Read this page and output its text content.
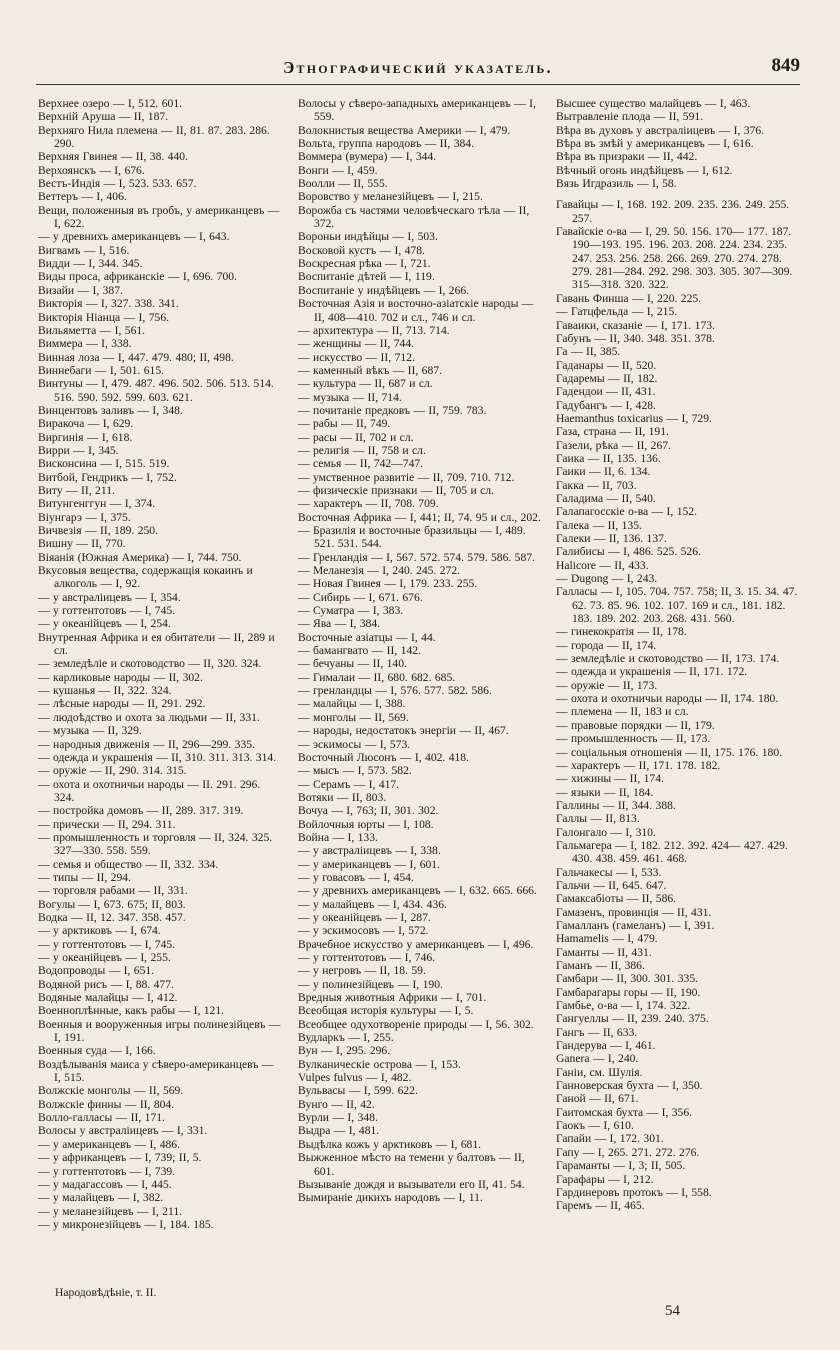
Этнографический указатель.	849

Верхнее озеро — I, 512. 601.

Верхній Аруша — II, 187.

Верхняго Нила племена — II, 81. 87. 283. 286. 290.

Верхняя Гвинея — II, 38. 440.

Верхоянскъ — I, 676.

Вестъ-Индія — I, 523. 533. 657.

Веттеръ — I, 406.

Вещи, положенныя въ гробъ, у американцевъ — I, 622.

— у древнихъ американцевъ — I, 643.

Вигвамъ — I, 516.

Видди — I, 344. 345.

Виды проса, африканскіе — I, 696. 700.

Визайи — I, 387.

Викторія — I, 327. 338. 341.

Викторія Ніанца — I, 756.

Вильяметта — I, 561.

Виммера — I, 338.

Винная лоза — I, 447. 479. 480; II, 498.

Виннебаги — I, 501. 615.

Винтуны — I, 479. 487. 496. 502. 506. 513. 514. 516. 590. 592. 599. 603. 621.

Винцентовъ заливъ — I, 348.

Виракоча — I, 629.

Виргинія — I, 618.

Вирри — I, 345.

Висконсина — I, 515. 519.

Витбой, Гендрикъ — I, 752.

Виту — II, 211.

Витунгенггун — I, 374.

Віунгарэ — I, 375.

Вичвезія — II, 189. 250.

Вишну — II, 770.

Віяанія (Южная Америка) — I, 744. 750.

Вкусовыя вещества, содержащія кокаинъ и алкоголь — I, 92.

— у австраліицевъ — I, 354.

— у готтентотовъ — I, 745.

— у океанійцевъ — I, 254.

Внутренная Африка и ея обитатели — II, 289 и сл.

— земледѣліе и скотоводство — II, 320. 324.

— карликовые народы — II, 302.

— кушанья — II, 322. 324.

— лѣсные народы — II, 291. 292.

— людоѣдство и охота за людьми — II, 331.

— музыка — II, 329.

— народныя движенія — II, 296—299. 335.

— одежда и украшенія — II, 310. 311. 313. 314.

— оружіе — II, 290. 314. 315.

— охота и охотничьи народы — II. 291. 296. 324.

— постройка домовъ — II, 289. 317. 319.

— прически — II, 294. 311.

— промышленность и торговля — II, 324. 325. 327—330. 558. 559.

— семья и общество — II, 332. 334.

— типы — II, 294.

— торговля рабами — II, 331.

Вогулы — I, 673. 675; II, 803.

Водка — II, 12. 347. 358. 457.

— у арктиковъ — I, 674.

— у готтентотовъ — I, 745.

— у океанійцевъ — I, 255.

Водопроводы — I, 651.

Водяной рисъ — I, 88. 477.

Водяные малайцы — I, 412.

Военноплѣнные, какъ рабы — I, 121.

Военныя и вооруженныя игры полинезійцевъ — I, 191.

Военныя суда — I, 166.

Воздѣлыванія маиса у сѣверо-американцевъ — I, 515.

Волжскіе монголы — II, 569.

Волжскіе финны — II, 804.

Волло-галласы — II, 171.

Волосы у австраліицевъ — I, 331.

— у американцевъ — I, 486.

— у африканцевъ — I, 739; II, 5.

— у готтентотовъ — I, 739.

— у мадагассовъ — I, 445.

— у малайцевъ — I, 382.

— у меланезійцевъ — I, 211.

— у микронезійцевъ — I, 184. 185.

Волосы у сѣверо-западныхъ американцевъ — I, 559.

Волокнистыя вещества Америки — I, 479.

Вольта, группа народовъ — II, 384.

Воммера (вумера) — I, 344.

Вонги — I, 459.

Воолли — II, 555.

Воровство у меланезійцевъ — I, 215.

Ворожба съ частями человѣческаго тѣла — II, 372.

Вороньи индѣйцы — I, 503.

Восковой кустъ — I, 478.

Воскресная рѣка — I, 721.

Воспитаніе дѣтей — I, 119.

Воспитаніе у индѣйцевъ — I, 266.

Восточная Азія и восточно-азіатскіе народы — II, 408—410. 702 и сл., 746 и сл.

— архитектура — II, 713. 714.

— женщины — II, 744.

— искусство — II, 712.

— каменный вѣкъ — II, 687.

— культура — II, 687 и сл.

— музыка — II, 714.

— почитаніе предковъ — II, 759. 783.

— рабы — II, 749.

— расы — II, 702 и сл.

— религія — II, 758 и сл.

— семья — II, 742—747.

— умственное развитіе — II, 709. 710. 712.

— физическіе признаки — II, 705 и сл.

— характеръ — II, 708. 709.

Восточная Африка — I, 441; II, 74. 95 и сл., 202.

— Бразилія и восточные бразильцы — I, 489. 521. 531. 544.

— Гренландія — I, 567. 572. 574. 579. 586. 587.

— Меланезія — I, 240. 245. 272.

— Новая Гвинея — I, 179. 233. 255.

— Сибирь — I, 671. 676.

— Суматра — I, 383.

— Ява — I, 384.

Восточные азіатцы — I, 44.

— бамангвато — II, 142.

— бечуаны — II, 140.

— Гималаи — II, 680. 682. 685.

— гренландцы — I, 576. 577. 582. 586.

— малайцы — I, 388.

— монголы — II, 569.

— народы, недостатокъ энергіи — II, 467.

— эскимосы — I, 573.

Восточный Люсонъ — I, 402. 418.

— мысъ — I, 573. 582.

— Серамъ — I, 417.

Вотяки — II, 803.

Вочуа — I, 763; II, 301. 302.

Войлочныя юрты — I, 108.

Война — I, 133.

— у австраліицевъ — I, 338.

— у американцевъ — I, 601.

— у говасовъ — I, 454.

— у древнихъ американцевъ — I, 632. 665. 666.

— у малайцевъ — I, 434. 436.

— у океанійцевъ — I, 287.

— у эскимосовъ — I, 572.

Врачебное искусство у американцевъ — I, 496.

— у готтентотовъ — I, 746.

— у негровъ — II, 18. 59.

— у полинезійцевъ — I, 190.

Вредныя животныя Африки — I, 701.

Всеобщая исторія культуры — I, 5.

Всеобщее одухотвореніе природы — I, 56. 302.

Вудларкъ — I, 255.

Вун — I, 295. 296.

Вулканическіе острова — I, 153.

Vulpes fulvus — I, 482.

Вульвасы — I, 599. 622.

Вунго — II, 42.

Вурли — I, 348.

Выдра — I, 481.

Выдѣлка кожъ у арктиковъ — I, 681.

Выжженное мѣсто на темени у балтовъ — II, 601.

Вызываніе дождя и вызыватели его II, 41. 54.

Вымираніе дикихъ народовъ — I, 11.

Высшее существо малайцевъ — I, 463.

Вытравленіе плода — II, 591.

Вѣра въ духовъ у австраліицевъ — I, 376.

Вѣра въ змѣй у американцевъ — I, 616.

Вѣра въ призраки — II, 442.

Вѣчный огонь индѣйцевъ — I, 612.

Вязь Игдразиль — I, 58.

Гавайцы — I, 168. 192. 209. 235. 236. 249. 255. 257.

Гавайскіе о-ва — I, 29. 50. 156. 170— 177. 187. 190—193. 195. 196. 203. 208. 224. 234. 235. 247. 253. 256. 258. 266. 269. 270. 274. 278. 279. 281—284. 292. 298. 303. 305. 307—309. 315—318. 320. 322.

Гавань Финша — I, 220. 225.

— Гатцфельда — I, 215.

Гаваики, сказаніе — I, 171. 173.

Габунъ — II, 340. 348. 351. 378.

Га — II, 385.

Гаданары — II, 520.

Гадаремы — II, 182.

Гадендои — II, 431.

Гадубангъ — I, 428.

Haemanthus toxicarius — I, 729.

Газа, страна — II, 191.

Газели, рѣка — II, 267.

Гаика — II, 135. 136.

Гаики — II, 6. 134.

Гакка — II, 703.

Галадима — II, 540.

Галапагосскіе о-ва — I, 152.

Галека — II, 135.

Галеки — II, 136. 137.

Галибисы — I, 486. 525. 526.

Halicore — II, 433.

— Dugong — I, 243.

Галласы — I, 105. 704. 757. 758; II, 3. 15. 34. 47. 62. 73. 85. 96. 102. 107. 169 и сл., 181. 182. 183. 189. 202. 203. 268. 431. 560.

— гинекократія — II, 178.

— города — II, 174.

— земледѣліе и скотоводство — II, 173. 174.

— одежда и украшенія — II, 171. 172.

— оружіе — II, 173.

— охота и охотничьи народы — II, 174. 180.

— племена — II, 183 и сл.

— правовые порядки — II, 179.

— промышленность — II, 173.

— соціальныя отношенія — II, 175. 176. 180.

— характеръ — II, 171. 178. 182.

— хижины — II, 174.

— языки — II, 184.

Галлины — II, 344. 388.

Галлы — II, 813.

Галонгало — I, 310.

Гальмагера — I, 182. 212. 392. 424— 427. 429. 430. 438. 459. 461. 468.

Гальчакесы — I, 533.

Гальчи — II, 645. 647.

Гамаксабіоты — II, 586.

Гамазенъ, провинція — II, 431.

Гамалланъ (гамеланъ) — I, 391.

Hamamelis — I, 479.

Гаманты — II, 431.

Гаманъ — II, 386.

Гамбари — II, 300. 301. 335.

Гамбарагары горы — II, 190.

Гамбье, о-ва — I, 174. 322.

Гангуеллы — II, 239. 240. 375.

Гангъ — II, 633.

Гандерува — I, 461.

Ganera — I, 240.

Ганіи, см. Шулія.

Ганноверская бухта — I, 350.

Ганой — II, 671.

Гаитомская бухта — I, 356.

Гаокъ — I, 610.

Гапайи — I, 172. 301.

Гапу — I, 265. 271. 272. 276.

Гараманты — I, 3; II, 505.

Гарафары — I, 212.

Гардинеровъ протокъ — I, 558.

Гаремъ — II, 465.

Народовѣдѣніе, т. II.
54
